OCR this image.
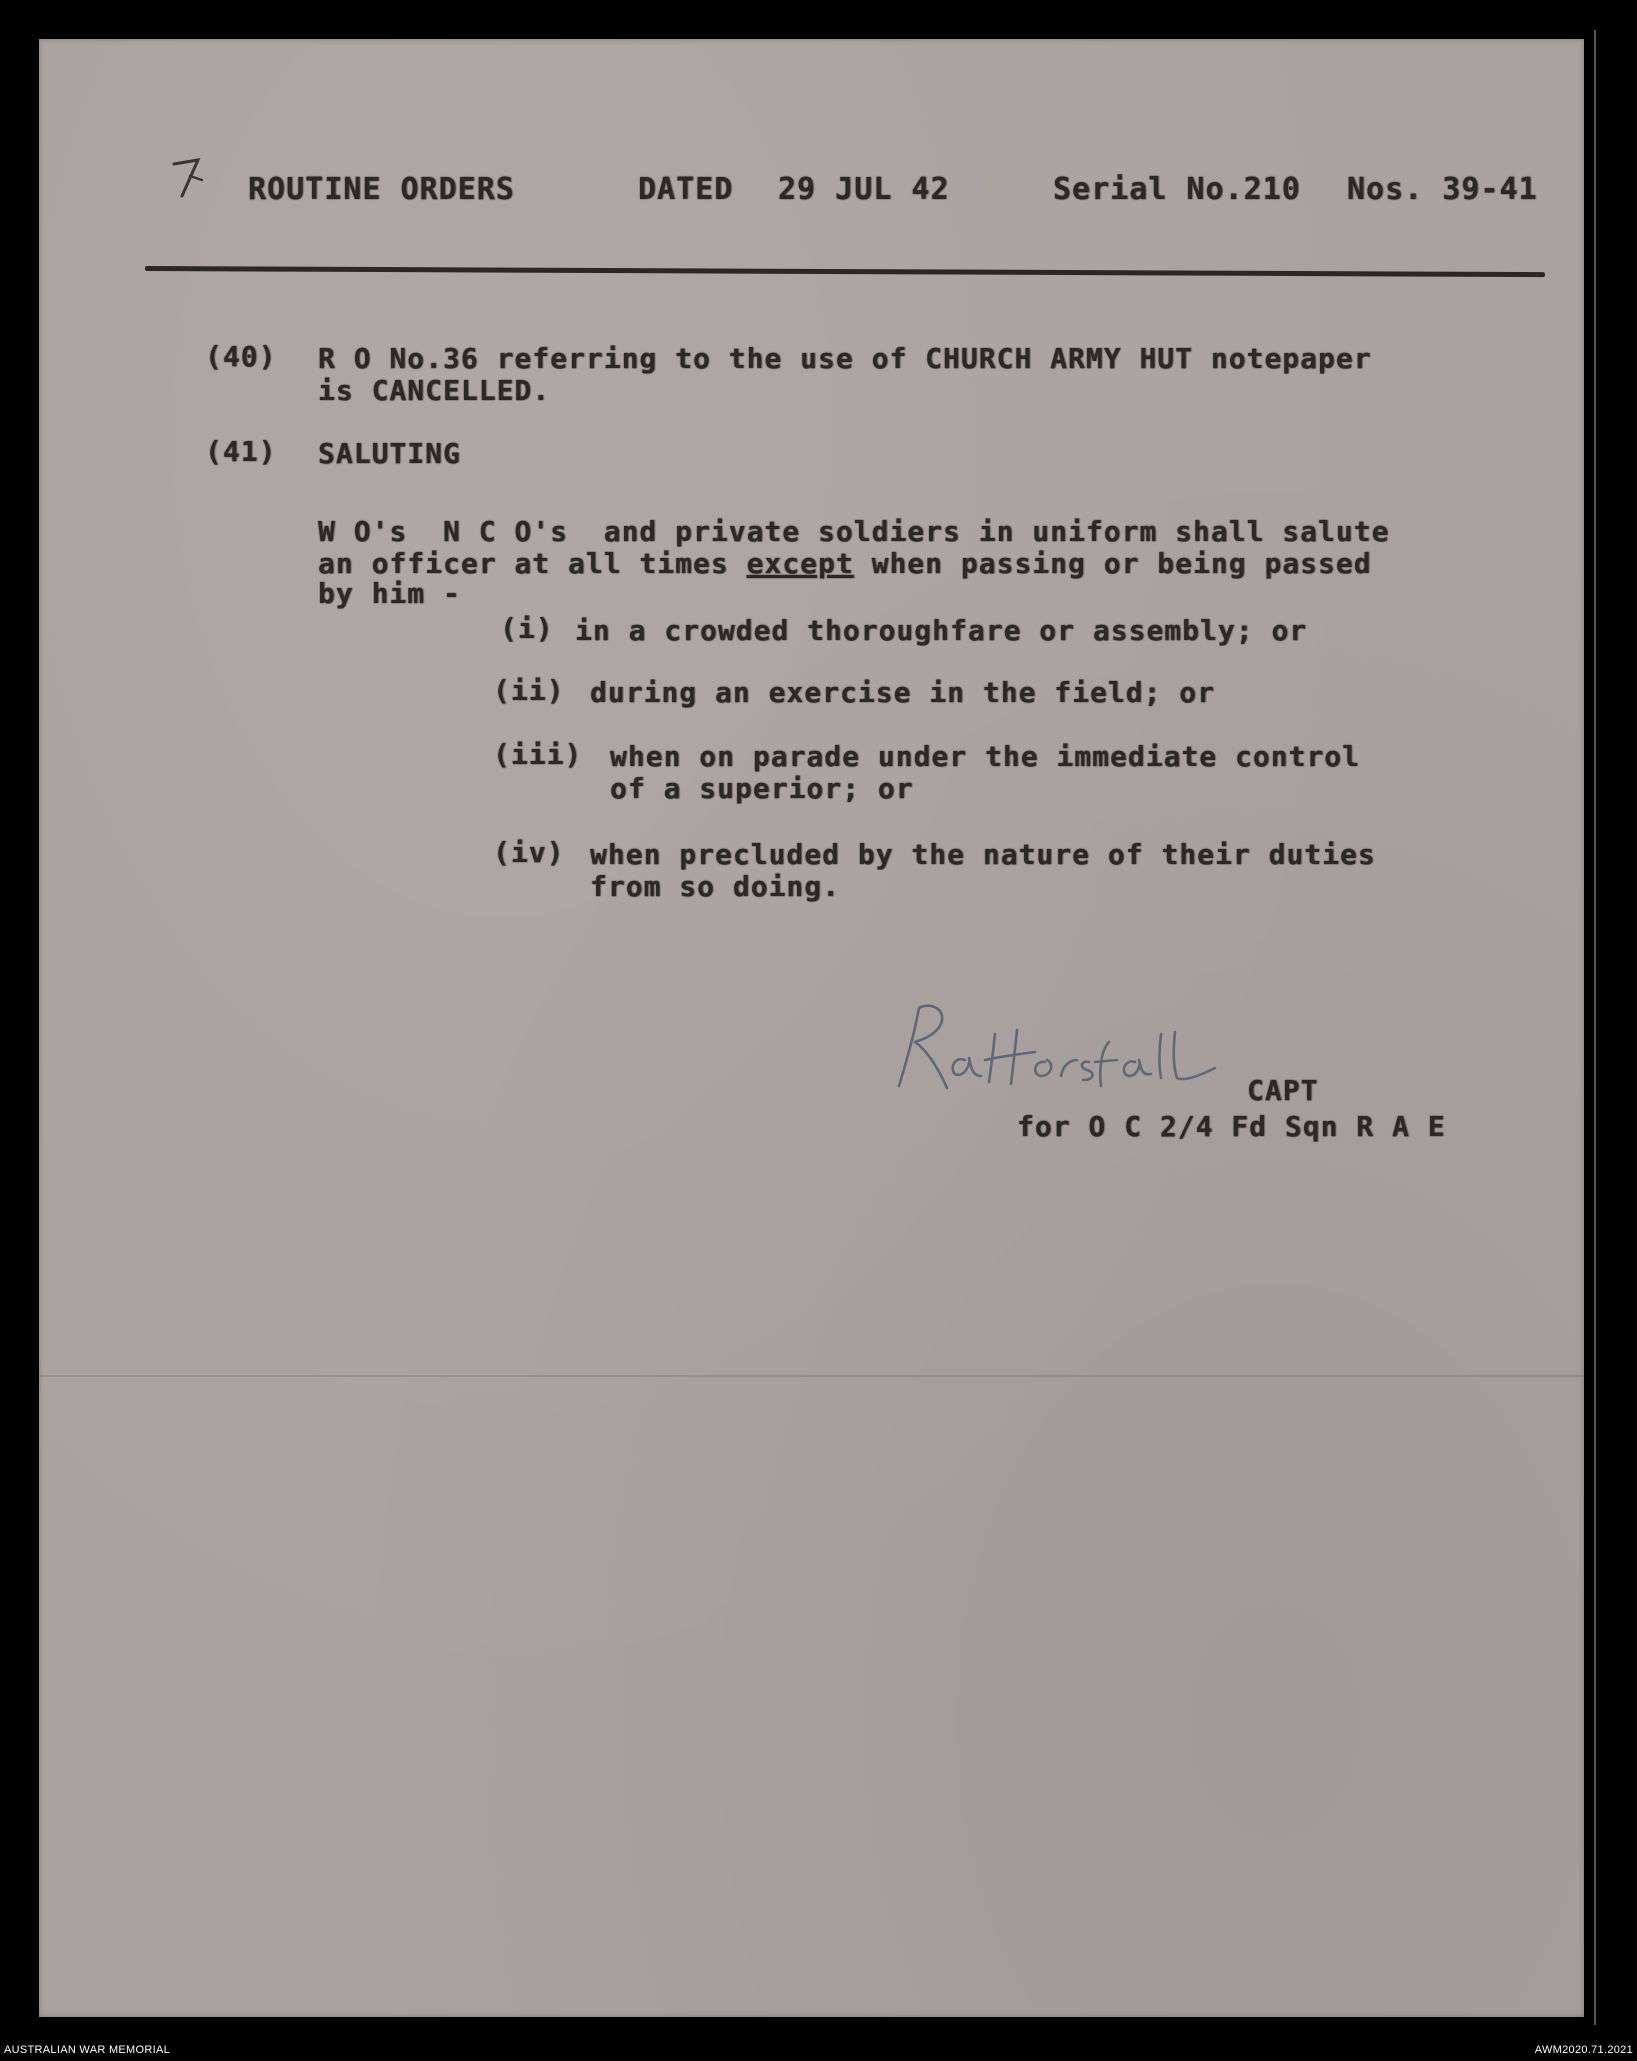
ROUTINE ORDERS	DATED 29 JUL 42	Serial No.210 Nos. 39-41
(40) R O No.36 referring to the use of CHURCH ARMY HUT notepaper
is CANCELLED.
(41) SALUTING
W O's  N C O's  and private soldiers in uniform shall salute
an officer at all times except when passing or being passed
by him -
(i) in a crowded thoroughfare or assembly; or
(ii) during an exercise in the field; or
(iii) when on parade under the immediate control
of a superior; or
(iv) when precluded by the nature of their duties
from so doing.
CAPT
for O C 2/4 Fd Sqn R A E
AUSTRALIAN WAR MEMORIAL	AWM2020.71.2021
